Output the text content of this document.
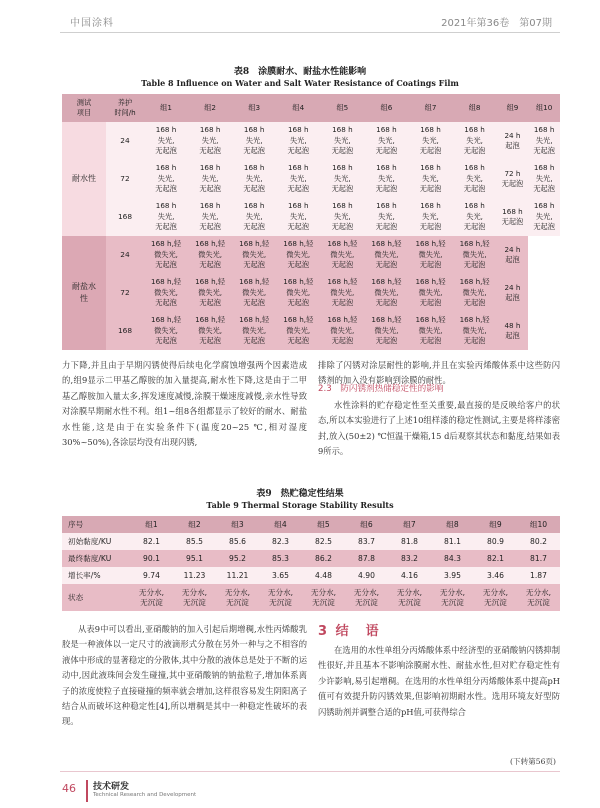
中国涂料	2021年第36卷　第07期
表8　涂膜耐水、耐盐水性能影响
Table 8 Influence on Water and Salt Water Resistance of Coatings Film
测试
项目	养护
时间/h	组1	组2	组3	组4	组5	组6	组7	组8	组9	组10
耐水性	24	168 h
失光,
无起泡	168 h
失光,
无起泡	168 h
失光,
无起泡	168 h
失光,
无起泡	168 h
失光,
无起泡	168 h
失光,
无起泡	168 h
失光,
无起泡	168 h
失光,
无起泡	24 h
起泡	168 h
失光,
无起泡
	72	168 h
失光,
无起泡	168 h
失光,
无起泡	168 h
失光,
无起泡	168 h
失光,
无起泡	168 h
失光,
无起泡	168 h
失光,
无起泡	168 h
失光,
无起泡	168 h
失光,
无起泡	72 h
无起泡	168 h
失光,
无起泡
	168	168 h
失光,
无起泡	168 h
失光,
无起泡	168 h
失光,
无起泡	168 h
失光,
无起泡	168 h
失光,
无起泡	168 h
失光,
无起泡	168 h
失光,
无起泡	168 h
失光,
无起泡	168 h
无起泡	168 h
失光,
无起泡
耐盐水
性	24	168 h,轻
微失光,
无起泡	168 h,轻
微失光,
无起泡	168 h,轻
微失光,
无起泡	168 h,轻
微失光,
无起泡	168 h,轻
微失光,
无起泡	168 h,轻
微失光,
无起泡	168 h,轻
微失光,
无起泡	168 h,轻
微失光,
无起泡	24 h
起泡	
	72	168 h,轻
微失光,
无起泡	168 h,轻
微失光,
无起泡	168 h,轻
微失光,
无起泡	168 h,轻
微失光,
无起泡	168 h,轻
微失光,
无起泡	168 h,轻
微失光,
无起泡	168 h,轻
微失光,
无起泡	168 h,轻
微失光,
无起泡	24 h
起泡	
	168	168 h,轻
微失光,
无起泡	168 h,轻
微失光,
无起泡	168 h,轻
微失光,
无起泡	168 h,轻
微失光,
无起泡	168 h,轻
微失光,
无起泡	168 h,轻
微失光,
无起泡	168 h,轻
微失光,
无起泡	168 h,轻
微失光,
无起泡	48 h
起泡	
力下降,并且由于早期闪锈使得后续电化学腐蚀增强两个因素造成的,组9显示二甲基乙醇胺的加入量提高,耐水性下降,这是由于二甲基乙醇胺加入量太多,挥发速度减慢,涂膜干燥速度减慢,亲水性导致对涂膜早期耐水性不利。组1~组8各组都显示了较好的耐水、耐盐水性能,这是由于在实验条件下(温度20~25 ℃,相对湿度30%~50%),各涂层均没有出现闪锈,
排除了闪锈对涂层耐性的影响,并且在实验丙烯酸体系中这些防闪锈剂的加入没有影响到涂膜的耐性。
2.3　防闪锈剂热储稳定性的影响
水性涂料的贮存稳定性至关重要,最直接的是反映给客户的状态,所以本实验进行了上述10组样漆的稳定性测试,主要是将样漆密封,放入(50±2) ℃恒温干燥箱,15 d后观察其状态和黏度,结果如表9所示。
表9　热贮稳定性结果
Table 9 Thermal Storage Stability Results
序号	组1	组2	组3	组4	组5	组6	组7	组8	组9	组10
初始黏度/KU	82.1	85.5	85.6	82.3	82.5	83.7	81.8	81.1	80.9	80.2
最终黏度/KU	90.1	95.1	95.2	85.3	86.2	87.8	83.2	84.3	82.1	81.7
增长率/%	9.74	11.23	11.21	3.65	4.48	4.90	4.16	3.95	3.46	1.87
状态	无分水,
无沉淀	无分水,
无沉淀	无分水,
无沉淀	无分水,
无沉淀	无分水,
无沉淀	无分水,
无沉淀	无分水,
无沉淀	无分水,
无沉淀	无分水,
无沉淀	无分水,
无沉淀
从表9中可以看出,亚硝酸钠的加入引起后期增稠,水性丙烯酸乳胶是一种液体以一定尺寸的液滴形式分散在另外一种与之不相容的液体中形成的显著稳定的分散体,其中分散的液体总是处于不断的运动中,因此液珠间会发生碰撞,其中亚硝酸钠的钠盐粒子,增加体系离子的浓度使粒子直接碰撞的频率就会增加,这样很容易发生阴阳离子结合从而破坏这种稳定性[4],所以增稠是其中一种稳定性破坏的表现。
3 结　语
在选用的水性单组分丙烯酸体系中经济型的亚硝酸钠闪锈抑制性很好,并且基本不影响涂膜耐水性、耐盐水性,但对贮存稳定性有少许影响,易引起增稠。在选用的水性单组分丙烯酸体系中提高pH值可有效提升防闪锈效果,但影响初期耐水性。选用环境友好型防闪锈助剂并调整合适的pH值,可获得综合
(下转第56页)
46 技术研发
Technical Research and Development
